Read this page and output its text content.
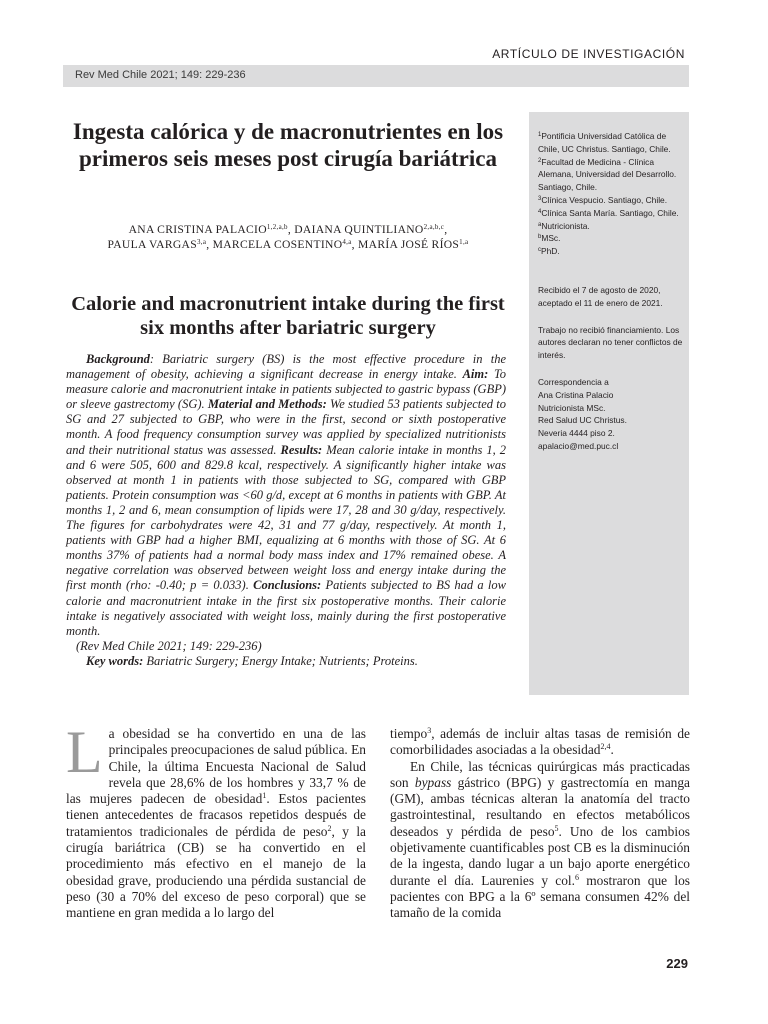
ARTÍCULO DE INVESTIGACIÓN
Rev Med Chile 2021; 149: 229-236

$^1$Pontificia Universidad Católica de Chile, UC Christus. Santiago, Chile.

$^2$Facultad de Medicina - Clínica Alemana, Universidad del Desarrollo. Santiago, Chile.

$^3$Clínica Vespucio. Santiago, Chile.

$^4$Clínica Santa María. Santiago, Chile.

$^a$Nutricionista.

$^b$MSc.

$^c$PhD.

Recibido el 7 de agosto de 2020, aceptado el 11 de enero de 2021.

Trabajo no recibió financiamiento. Los autores declaran no tener conflictos de interés.

Correspondencia a

Ana Cristina Palacio

Nutricionista MSc.

Red Salud UC Christus.

Neveria 4444 piso 2.

apalacio@med.puc.cl

Ingesta calórica y de macronutrientes en los primeros seis meses post cirugía bariátrica
ANA CRISTINA PALACIO$^{1,2,a,b}$, DAIANA QUINTILIANO$^{2,a,b,c}$,
PAULA VARGAS$^{3,a}$, MARCELA COSENTINO$^{4,a}$, MARÍA JOSÉ RÍOS$^{1,a}$
Calorie and macronutrient intake during the first six months after bariatric surgery

Background: Bariatric surgery (BS) is the most effective procedure in the management of obesity, achieving a significant decrease in energy intake. Aim: To measure calorie and macronutrient intake in patients subjected to gastric bypass (GBP) or sleeve gastrectomy (SG). Material and Methods: We studied 53 patients subjected to SG and 27 subjected to GBP, who were in the first, second or sixth postoperative month. A food frequency consumption survey was applied by specialized nutritionists and their nutritional status was assessed. Results: Mean calorie intake in months 1, 2 and 6 were 505, 600 and 829.8 kcal, respectively. A significantly higher intake was observed at month 1 in patients with those subjected to SG, compared with GBP patients. Protein consumption was <60 g/d, except at 6 months in patients with GBP. At months 1, 2 and 6, mean consumption of lipids were 17, 28 and 30 g/day, respectively. The figures for carbohydrates were 42, 31 and 77 g/day, respectively. At month 1, patients with GBP had a higher BMI, equalizing at 6 months with those of SG. At 6 months 37% of patients had a normal body mass index and 17% remained obese. A negative correlation was observed between weight loss and energy intake during the first month (rho: -0.40; p = 0.033). Conclusions: Patients subjected to BS had a low calorie and macronutrient intake in the first six postoperative months. Their calorie intake is negatively associated with weight loss, mainly during the first postoperative month.

(Rev Med Chile 2021; 149: 229-236)

Key words: Bariatric Surgery; Energy Intake; Nutrients; Proteins.

La obesidad se ha convertido en una de las principales preocupaciones de salud pública. En Chile, la última Encuesta Nacional de Salud revela que 28,6% de los hombres y 33,7 % de las mujeres padecen de obesidad$^1$. Estos pacientes tienen antecedentes de fracasos repetidos después de tratamientos tradicionales de pérdida de peso$^2$, y la cirugía bariátrica (CB) se ha convertido en el procedimiento más efectivo en el manejo de la obesidad grave, produciendo una pérdida sustancial de peso (30 a 70% del exceso de peso corporal) que se mantiene en gran medida a lo largo del

tiempo$^3$, además de incluir altas tasas de remisión de comorbilidades asociadas a la obesidad$^{2,4}$.

En Chile, las técnicas quirúrgicas más practicadas son bypass gástrico (BPG) y gastrectomía en manga (GM), ambas técnicas alteran la anatomía del tracto gastrointestinal, resultando en efectos metabólicos deseados y pérdida de peso$^5$. Uno de los cambios objetivamente cuantificables post CB es la disminución de la ingesta, dando lugar a un bajo aporte energético durante el día. Laurenies y col.$^6$ mostraron que los pacientes con BPG a la 6º semana consumen 42% del tamaño de la comida

229
